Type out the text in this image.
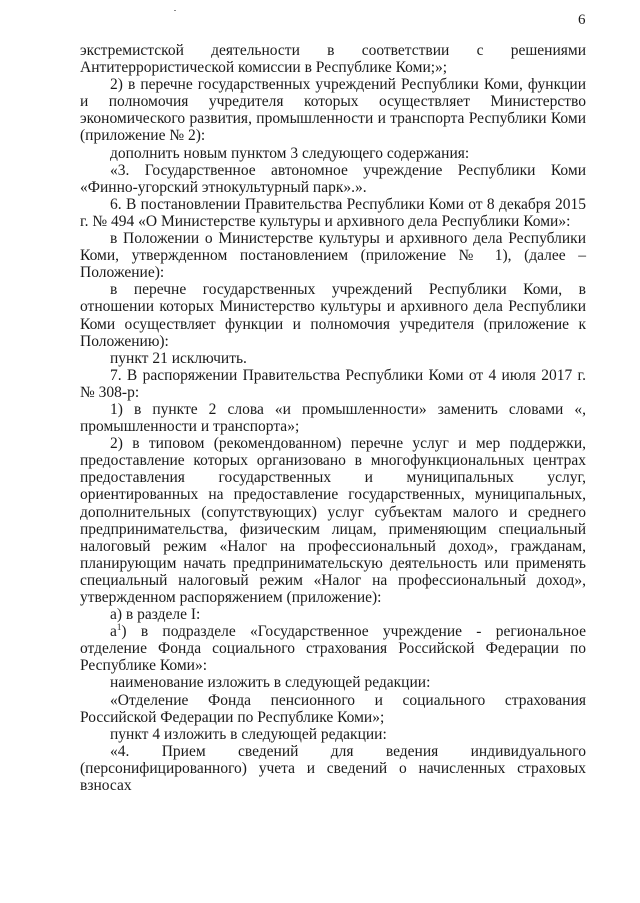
6

экстремистской деятельности в соответствии с решениями Антитеррористической комиссии в Республике Коми;»;

2) в перечне государственных учреждений Республики Коми, функции и полномочия учредителя которых осуществляет Министерство экономического развития, промышленности и транспорта Республики Коми (приложение № 2):

дополнить новым пунктом 3 следующего содержания:

«3. Государственное автономное учреждение Республики Коми «Финно-угорский этнокультурный парк».».

6. В постановлении Правительства Республики Коми от 8 декабря 2015 г. № 494 «О Министерстве культуры и архивного дела Республики Коми»:

в Положении о Министерстве культуры и архивного дела Республики Коми, утвержденном постановлением (приложение № 1), (далее – Положение):

в перечне государственных учреждений Республики Коми, в отношении которых Министерство культуры и архивного дела Республики Коми осуществляет функции и полномочия учредителя (приложение к Положению):

пункт 21 исключить.

7. В распоряжении Правительства Республики Коми от 4 июля 2017 г. № 308-р:

1) в пункте 2 слова «и промышленности» заменить словами «, промышленности и транспорта»;

2) в типовом (рекомендованном) перечне услуг и мер поддержки, предоставление которых организовано в многофункциональных центрах предоставления государственных и муниципальных услуг, ориентированных на предоставление государственных, муниципальных, дополнительных (сопутствующих) услуг субъектам малого и среднего предпринимательства, физическим лицам, применяющим специальный налоговый режим «Налог на профессиональный доход», гражданам, планирующим начать предпринимательскую деятельность или применять специальный налоговый режим «Налог на профессиональный доход», утвержденном распоряжением (приложение):

а) в разделе I:

$а^1$) в подразделе «Государственное учреждение - региональное отделение Фонда социального страхования Российской Федерации по Республике Коми»:

наименование изложить в следующей редакции:

«Отделение Фонда пенсионного и социального страхования Российской Федерации по Республике Коми»;

пункт 4 изложить в следующей редакции:

«4. Прием сведений для ведения индивидуального (персонифицированного) учета и сведений о начисленных страховых взносах
